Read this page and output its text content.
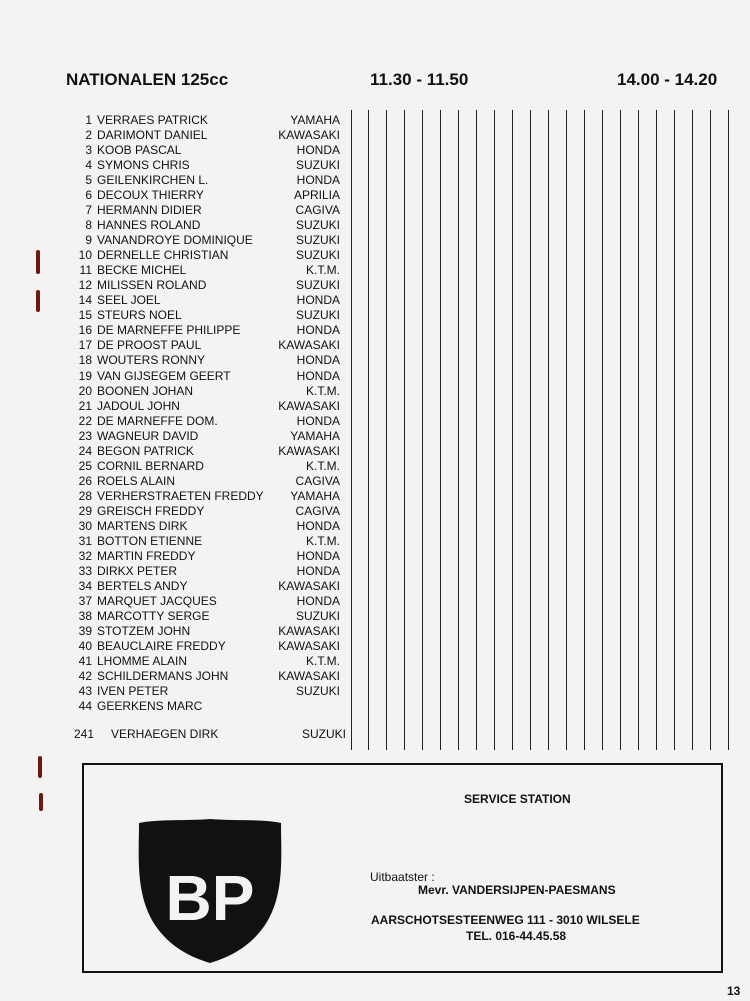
NATIONALEN 125cc	11.30 - 11.50	14.00 - 14.20
1 VERRAES PATRICK	YAMAHA
2 DARIMONT DANIEL	KAWASAKI
3 KOOB PASCAL	HONDA
4 SYMONS CHRIS	SUZUKI
5 GEILENKIRCHEN L.	HONDA
6 DECOUX THIERRY	APRILIA
7 HERMANN DIDIER	CAGIVA
8 HANNES ROLAND	SUZUKI
9 VANANDROYE DOMINIQUE	SUZUKI
10 DERNELLE CHRISTIAN	SUZUKI
11 BECKE MICHEL	K.T.M.
12 MILISSEN ROLAND	SUZUKI
14 SEEL JOEL	HONDA
15 STEURS NOEL	SUZUKI
16 DE MARNEFFE PHILIPPE	HONDA
17 DE PROOST PAUL	KAWASAKI
18 WOUTERS RONNY	HONDA
19 VAN GIJSEGEM GEERT	HONDA
20 BOONEN JOHAN	K.T.M.
21 JADOUL JOHN	KAWASAKI
22 DE MARNEFFE DOM.	HONDA
23 WAGNEUR DAVID	YAMAHA
24 BEGON PATRICK	KAWASAKI
25 CORNIL BERNARD	K.T.M.
26 ROELS ALAIN	CAGIVA
28 VERHERSTRAETEN FREDDY	YAMAHA
29 GREISCH FREDDY	CAGIVA
30 MARTENS DIRK	HONDA
31 BOTTON ETIENNE	K.T.M.
32 MARTIN FREDDY	HONDA
33 DIRKX PETER	HONDA
34 BERTELS ANDY	KAWASAKI
37 MARQUET JACQUES	HONDA
38 MARCOTTY SERGE	SUZUKI
39 STOTZEM JOHN	KAWASAKI
40 BEAUCLAIRE FREDDY	KAWASAKI
41 LHOMME ALAIN	K.T.M.
42 SCHILDERMANS JOHN	KAWASAKI
43 IVEN PETER	SUZUKI
44 GEERKENS MARC
241 VERHAEGEN DIRK	SUZUKI
BP
SERVICE STATION
Uitbaatster :
Mevr. VANDERSIJPEN-PAESMANS
AARSCHOTSESTEENWEG 111 - 3010 WILSELE
TEL. 016-44.45.58
13
